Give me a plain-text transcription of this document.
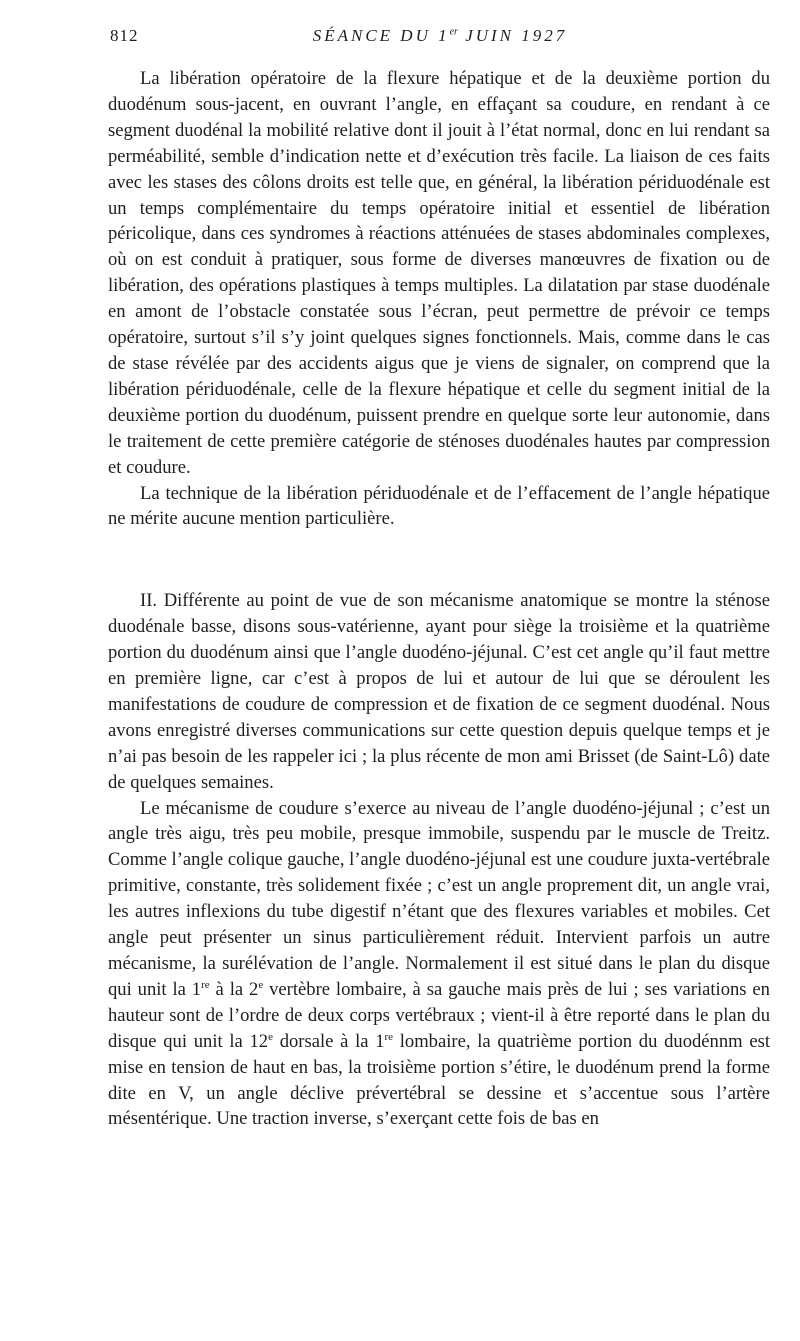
812	SÉANCE DU 1er JUIN 1927

La libération opératoire de la flexure hépatique et de la deuxième portion du duodénum sous-jacent, en ouvrant l’angle, en effaçant sa coudure, en rendant à ce segment duodénal la mobilité relative dont il jouit à l’état normal, donc en lui rendant sa perméabilité, semble d’indication nette et d’exécution très facile. La liaison de ces faits avec les stases des côlons droits est telle que, en général, la libération périduodénale est un temps complémentaire du temps opératoire initial et essentiel de libération péricolique, dans ces syndromes à réactions atténuées de stases abdominales complexes, où on est conduit à pratiquer, sous forme de diverses manœuvres de fixation ou de libération, des opérations plastiques à temps multiples. La dilatation par stase duodénale en amont de l’obstacle constatée sous l’écran, peut permettre de prévoir ce temps opératoire, surtout s’il s’y joint quelques signes fonctionnels. Mais, comme dans le cas de stase révélée par des accidents aigus que je viens de signaler, on comprend que la libération périduodénale, celle de la flexure hépatique et celle du segment initial de la deuxième portion du duodénum, puissent prendre en quelque sorte leur autonomie, dans le traitement de cette première catégorie de sténoses duodénales hautes par compression et coudure.

La technique de la libération périduodénale et de l’effacement de l’angle hépatique ne mérite aucune mention particulière.

II. Différente au point de vue de son mécanisme anatomique se montre la sténose duodénale basse, disons sous-vatérienne, ayant pour siège la troisième et la quatrième portion du duodénum ainsi que l’angle duodéno-jéjunal. C’est cet angle qu’il faut mettre en première ligne, car c’est à propos de lui et autour de lui que se déroulent les manifestations de coudure de compression et de fixation de ce segment duodénal. Nous avons enregistré diverses communications sur cette question depuis quelque temps et je n’ai pas besoin de les rappeler ici ; la plus récente de mon ami Brisset (de Saint-Lô) date de quelques semaines.

Le mécanisme de coudure s’exerce au niveau de l’angle duodéno-jéjunal ; c’est un angle très aigu, très peu mobile, presque immobile, suspendu par le muscle de Treitz. Comme l’angle colique gauche, l’angle duodéno-jéjunal est une coudure juxta-vertébrale primitive, constante, très solidement fixée ; c’est un angle proprement dit, un angle vrai, les autres inflexions du tube digestif n’étant que des flexures variables et mobiles. Cet angle peut présenter un sinus particulièrement réduit. Intervient parfois un autre mécanisme, la surélévation de l’angle. Normalement il est situé dans le plan du disque qui unit la 1re à la 2e vertèbre lombaire, à sa gauche mais près de lui ; ses variations en hauteur sont de l’ordre de deux corps vertébraux ; vient-il à être reporté dans le plan du disque qui unit la 12e dorsale à la 1re lombaire, la quatrième portion du duodénnm est mise en tension de haut en bas, la troisième portion s’étire, le duodénum prend la forme dite en V, un angle déclive prévertébral se dessine et s’accentue sous l’artère mésentérique. Une traction inverse, s’exerçant cette fois de bas en
